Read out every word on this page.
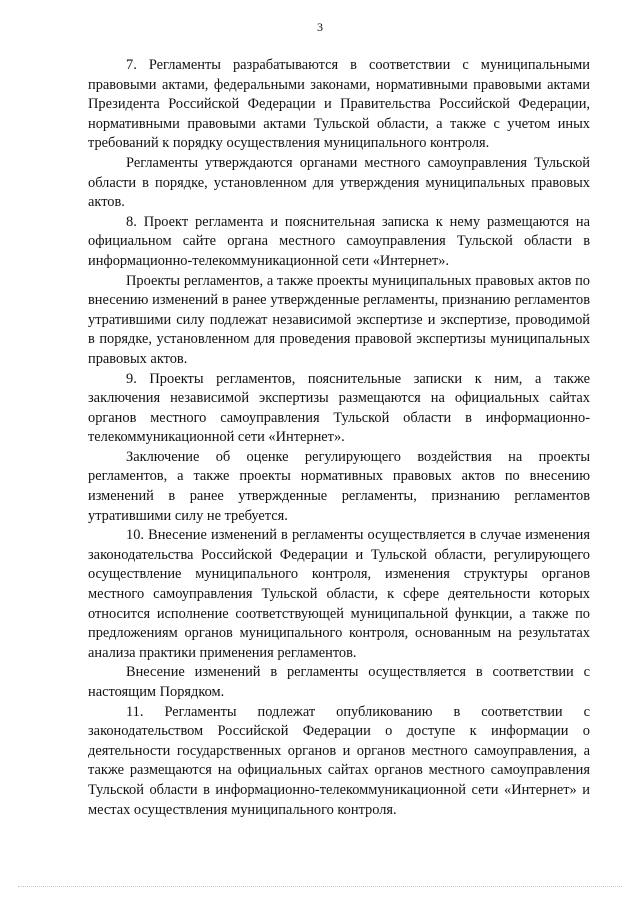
3

7. Регламенты разрабатываются в соответствии с муниципальными правовыми актами, федеральными законами, нормативными правовыми актами Президента Российской Федерации и Правительства Российской Федерации, нормативными правовыми актами Тульской области, а также с учетом иных требований к порядку осуществления муниципального контроля.

Регламенты утверждаются органами местного самоуправления Тульской области в порядке, установленном для утверждения муниципальных правовых актов.

8. Проект регламента и пояснительная записка к нему размещаются на официальном сайте органа местного самоуправления Тульской области в информационно-телекоммуникационной сети «Интернет».

Проекты регламентов, а также проекты муниципальных правовых актов по внесению изменений в ранее утвержденные регламенты, признанию регламентов утратившими силу подлежат независимой экспертизе и экспертизе, проводимой в порядке, установленном для проведения правовой экспертизы муниципальных правовых актов.

9. Проекты регламентов, пояснительные записки к ним, а также заключения независимой экспертизы размещаются на официальных сайтах органов местного самоуправления Тульской области в информационно-телекоммуникационной сети «Интернет».

Заключение об оценке регулирующего воздействия на проекты регламентов, а также проекты нормативных правовых актов по внесению изменений в ранее утвержденные регламенты, признанию регламентов утратившими силу не требуется.

10. Внесение изменений в регламенты осуществляется в случае изменения законодательства Российской Федерации и Тульской области, регулирующего осуществление муниципального контроля, изменения структуры органов местного самоуправления Тульской области, к сфере деятельности которых относится исполнение соответствующей муниципальной функции, а также по предложениям органов муниципального контроля, основанным на результатах анализа практики применения регламентов.

Внесение изменений в регламенты осуществляется в соответствии с настоящим Порядком.

11. Регламенты подлежат опубликованию в соответствии с законодательством Российской Федерации о доступе к информации о деятельности государственных органов и органов местного самоуправления, а также размещаются на официальных сайтах органов местного самоуправления Тульской области в информационно-телекоммуникационной сети «Интернет» и местах осуществления муниципального контроля.
